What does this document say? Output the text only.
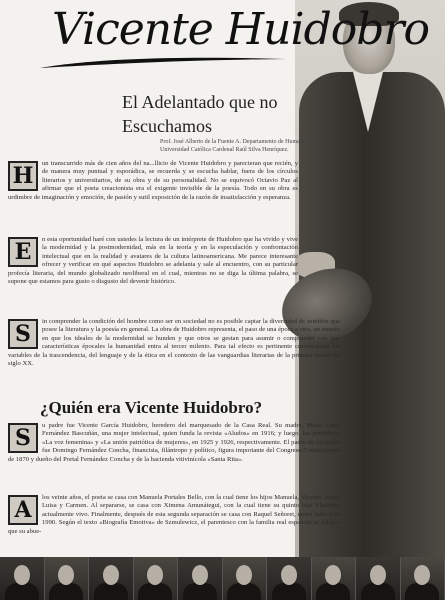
Vicente Huidobro
El Adelantado que no Escuchamos
Prof. José Alberto de la Fuente A. Departamento de Humanidades. Universidad Católica Cardenal Raúl Silva Henríquez.
H	un transcurrido más de cien años del na...llicio de Vicente Huidobro y parecieran que recién, y de manera muy puntual y esporádica, se recuerda y se escucha hablar, fuera de los círculos literarios y universitarios, de su obra y de su personalidad. No se equivocó Octavio Paz al afirmar que el poeta creacionista era el exigente invisible de la poesía. Todo en su obra es urdimbre de imaginación y emoción, de pasión y sutil exposición de la razón de insatisfacción y esperanza.
E	n esta oportunidad haré con ustedes la lectura de un intérprete de Huidobro que ha vivido y vive la modernidad y la postmodernidad, más en la teoría y en la especulación y confrontación intelectual que en la realidad y avatares de la cultura latinoamericana. Me parece interesante ofrecer y verificar en qué aspectos Huidobro se adelanta y sale al encuentro, con su particular profecía literaria, del mundo globalizado neoliberal en el cual, mientras no se diga la última palabra, se supone que estamos para gusto o disgusto del devenir histórico.
S	in comprender la condición del hombre como ser en sociedad no es posible captar la diversidad de sentidos que posee la literatura y la poesía en general. La obra de Huidobro representa, el paso de una época a otra, un mundo en que los ideales de la modernidad se hunden y que otros se gestan para asumir o comprender con qué características épocales la humanidad entra al tercer milenio. Para tal efecto es pertinente correlacionar las variables de la trascendencia, del lenguaje y de la ética en el contexto de las vanguardias literarias de la primera mitad del siglo XX.
¿Quién era Vicente Huidobro?
S	u padre fue Vicente García Huidobro, heredero del marquesado de la Casa Real. Su madre, María Luisa Fernández Bascuñán, una mujer intelectual, quien funda la revista «Aludos» en 1916; y luego, los periódicos «La voz femenina» y «La unión patriótica de mujeres», en 1925 y 1926, respectivamente. El padre de su madre fue Domingo Fernández Concha, financista, filántropo y político, figura importante del Congreso Constituyente de 1870 y dueño del Portal Fernández Concha y de la hacienda vitivinícola «Santa Rita».
A	los veinte años, el poeta se casa con Manuela Portales Bello, con la cual tiene los hijos Manuela, Vicente, María Luisa y Carmen. Al separarse, se casa con Ximena Amunátegui, con la cual tiene su quinto hijo Vladimir, actualmente vivo. Finalmente, después de esta segunda separación se casa con Raquel Señoret, quien fallece en 1990. Según el texto «Biografía Emotiva» de Szmulewicz, el parentesco con la familia real española se debía a que su abue-
